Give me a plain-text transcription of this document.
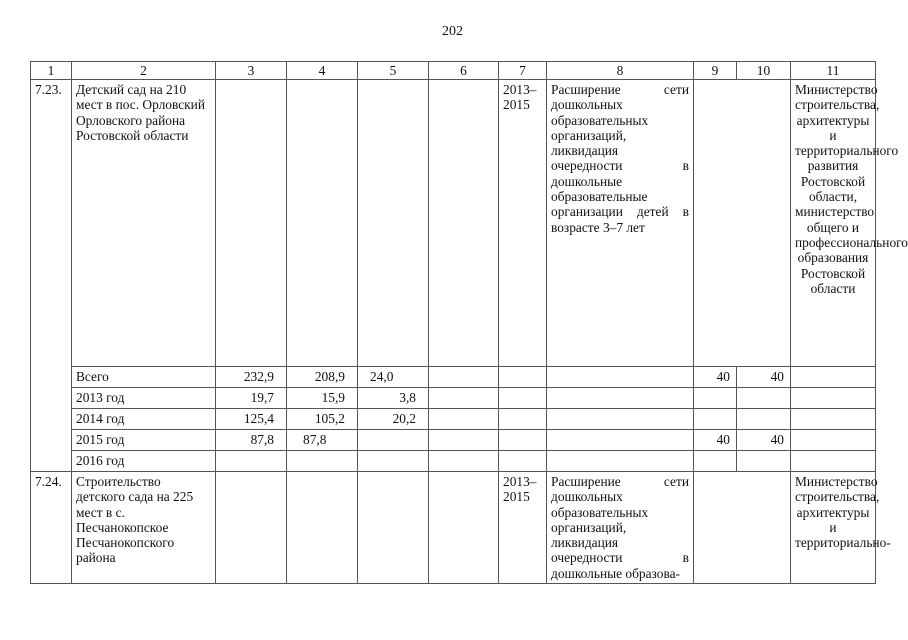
202
1	2	3	4	5	6	7	8	9	10	11
7.23.	Детский сад на 210 мест в пос. Орловский Орловского района Ростовской области					2013–2015	Расширение сети дошкольных образовательных организаций, ликвидация очередности в дошкольные образовательные организации детей в возрасте 3–7 лет			Министерство строительства, архитектуры и территориального развития Ростовской области, министерство общего и профессионального образования Ростовской области
	Всего	232,9	208,9	24,0				40	40	
	2013 год	19,7	15,9	3,8						
	2014 год	125,4	105,2	20,2						
	2015 год	87,8	87,8					40	40	
	2016 год									
7.24.	Строительство детского сада на 225 мест в с. Песчанокопское Песчанокопского района					2013–2015	Расширение сети дошкольных образовательных организаций, ликвидация очередности в дошкольные образова-			Министерство строительства, архитектуры и территориально-
